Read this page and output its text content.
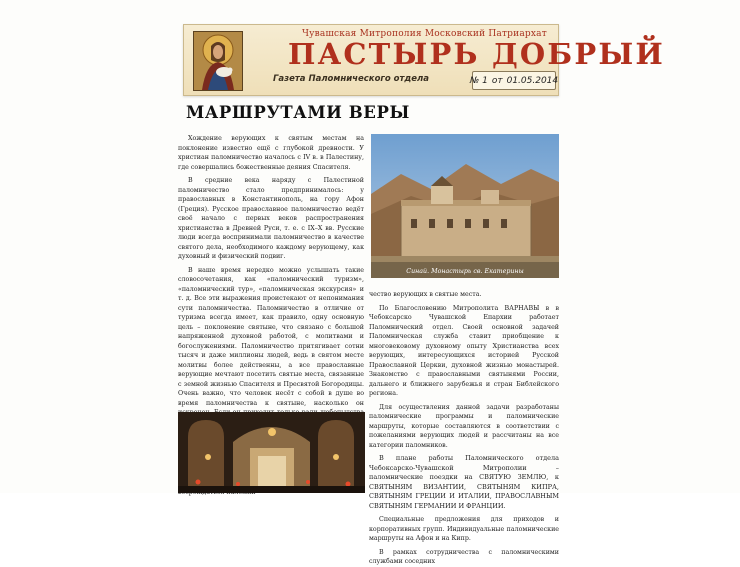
Чувашская Митрополия Московский Патриархат
ПАСТЫРЬ ДОБРЫЙ
Газета Паломнического отдела	№ 1 от 01.05.2014
МАРШРУТАМИ ВЕРЫ

Хождение верующих к святым местам на поклонение известно ещё с глубокой древности. У христиан паломничество началось с IV в. в Палестину, где совершались божественные деяния Спасителя.

В средние века наряду с Палестиной паломничество стало предпринималось: у православных в Константинополь, на гору Афон (Греция). Русское православное паломничество ведёт своё начало с первых веков распространения христианства в Древней Руси, т. е. с IX–X вв. Русские люди всегда воспринимали паломничество в качестве святого дела, необходимого каждому верующему, как духовный и физический подвиг.

В наше время нередко можно услышать такие словосочетания, как «паломнический туризм», «паломнический тур», «паломническая экскурсия» и т. д. Все эти выражения проистекают от непонимания сути паломничества. Паломничество в отличие от туризма всегда имеет, как правило, одну основную цель – поклонение святыне, что связано с большой напряженной духовной работой, с молитвами и богослужениями. Паломничество притягивает сотни тысяч и даже миллионы людей, ведь в святом месте молитвы более действенны, а все православные верующие мечтают посетить святые места, связанные с земной жизнью Спасителя и Пресвятой Богородицы. Очень важно, что человек несёт с собой в душе во время паломничества к святыне, насколько он

Синай. Монастырь св. Екатерины

чество верующих в святые места.

По Благословению Митрополита ВАРНАВЫ в в Чебоксарско Чувашской Епархии работает Паломнический отдел. Своей основной задачей Паломническая служба ставит приобщение к многовековому духовному опыту Христианства всех верующих, интересующихся историей Русской Православной Церкви, духовной жизнью монастырей. Знакомство с православными святынями России, дальнего и ближнего зарубежья и стран Библейского региона.

Для осуществления данной задачи разработаны паломнические программы и паломнические маршруты, которые составляются в соответствии с пожеланиями верующих людей и рассчитаны на все категории паломников.

В плане работы Паломнического отдела Чебоксарско-Чувашской Митрополии – паломнические поездки на СВЯТУЮ ЗЕМЛЮ, к СВЯТЫНЯМ ВИЗАНТИИ, СВЯТЫНЯМ КИПРА, СВЯТЫНЯМ ГРЕЦИИ И ИТАЛИИ, ПРАВОСЛАВНЫМ СВЯТЫНЯМ ГЕРМАНИИ И ФРАНЦИИ.

Специальные предложения для приходов и корпоративных групп. Индивидуальные паломнические маршруты на Афон и на Кипр.

В рамках сотрудничества с паломническими службами соседних
